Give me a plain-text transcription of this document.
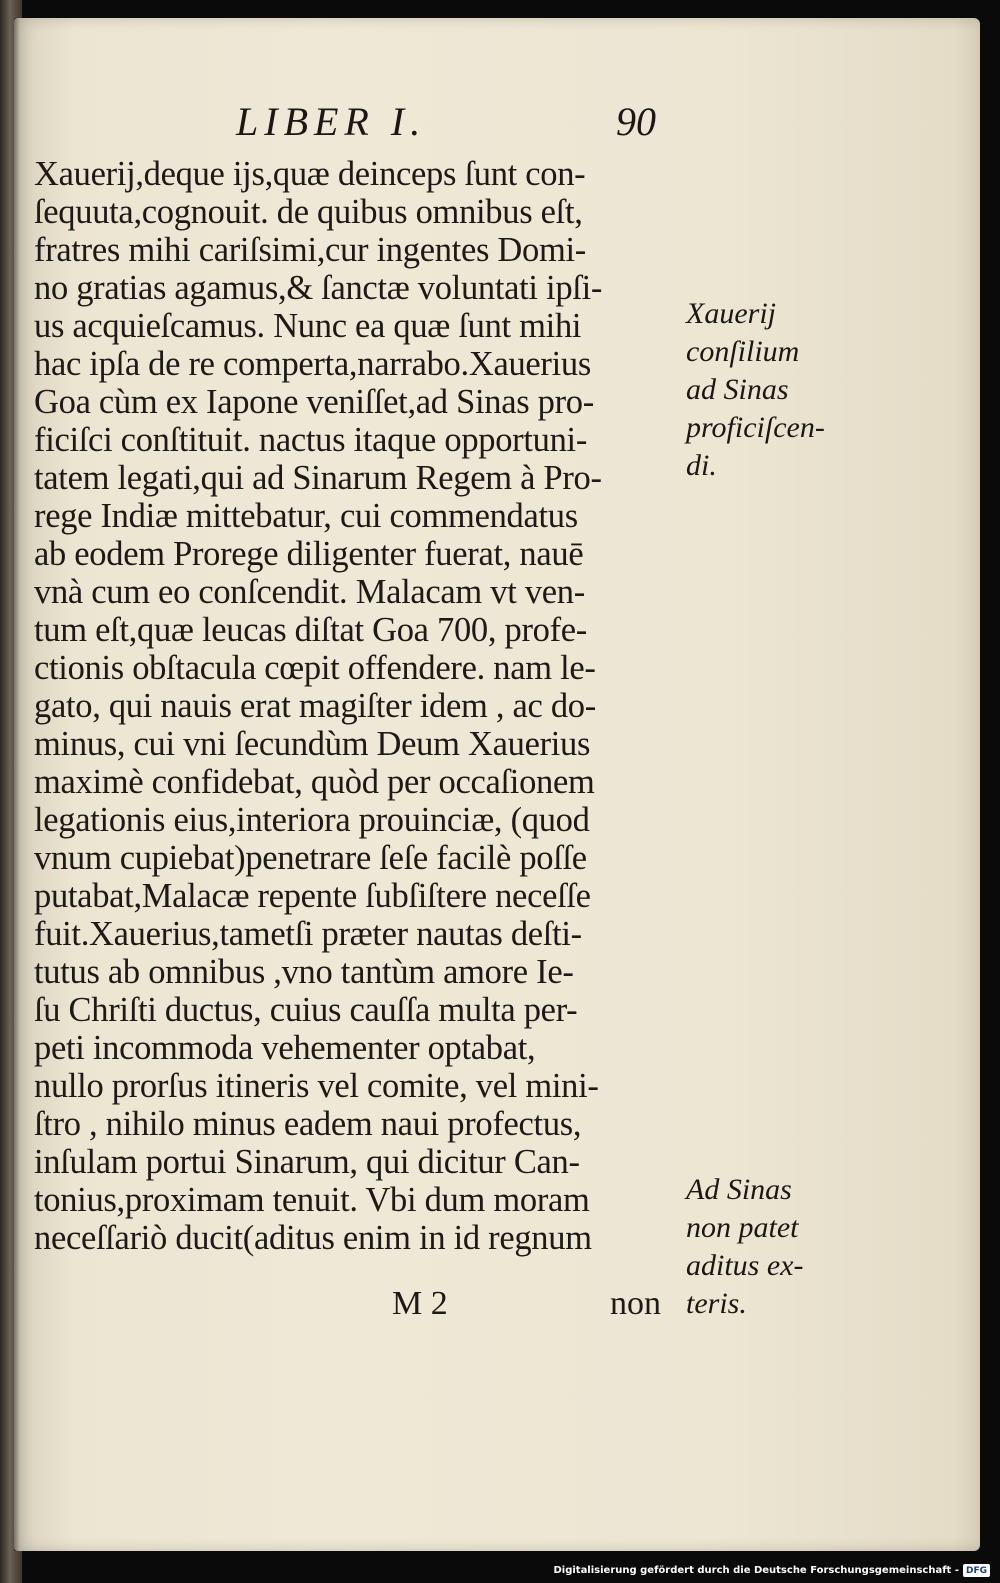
LIBER I.	90
Xauerij,deque ijs,quæ deinceps ſunt con-
ſequuta,cognouit. de quibus omnibus eſt,
fratres mihi cariſsimi,cur ingentes Domi-
no gratias agamus,& ſanctæ voluntati ipſi-
us acquieſcamus. Nunc ea quæ ſunt mihi
hac ipſa de re comperta,narrabo.Xauerius
Goa cùm ex Iapone veniſſet,ad Sinas pro-
ficiſci conſtituit. nactus itaque opportuni-
tatem legati,qui ad Sinarum Regem à Pro-
rege Indiæ mittebatur, cui commendatus
ab eodem Prorege diligenter fuerat, nauē
vnà cum eo conſcendit. Malacam vt ven-
tum eſt,quæ leucas diſtat Goa 700, profe-
ctionis obſtacula cœpit offendere. nam le-
gato, qui nauis erat magiſter idem , ac do-
minus, cui vni ſecundùm Deum Xauerius
maximè confidebat, quòd per occaſionem
legationis eius,interiora prouinciæ, (quod
vnum cupiebat)penetrare ſeſe facilè poſſe
putabat,Malacæ repente ſubſiſtere neceſſe
fuit.Xauerius,tametſi præter nautas deſti-
tutus ab omnibus ,vno tantùm amore Ie-
ſu Chriſti ductus, cuius cauſſa multa per-
peti incommoda vehementer optabat,
nullo prorſus itineris vel comite, vel mini-
ſtro , nihilo minus eadem naui profectus,
inſulam portui Sinarum, qui dicitur Can-
tonius,proximam tenuit. Vbi dum moram
neceſſariò ducit(aditus enim in id regnum
Xauerij
conſilium
ad Sinas
proficiſcen-
di.
Ad Sinas
non patet
aditus ex-
teris.
M 2	non
Digitalisierung gefördert durch die Deutsche Forschungsgemeinschaft - DFG
